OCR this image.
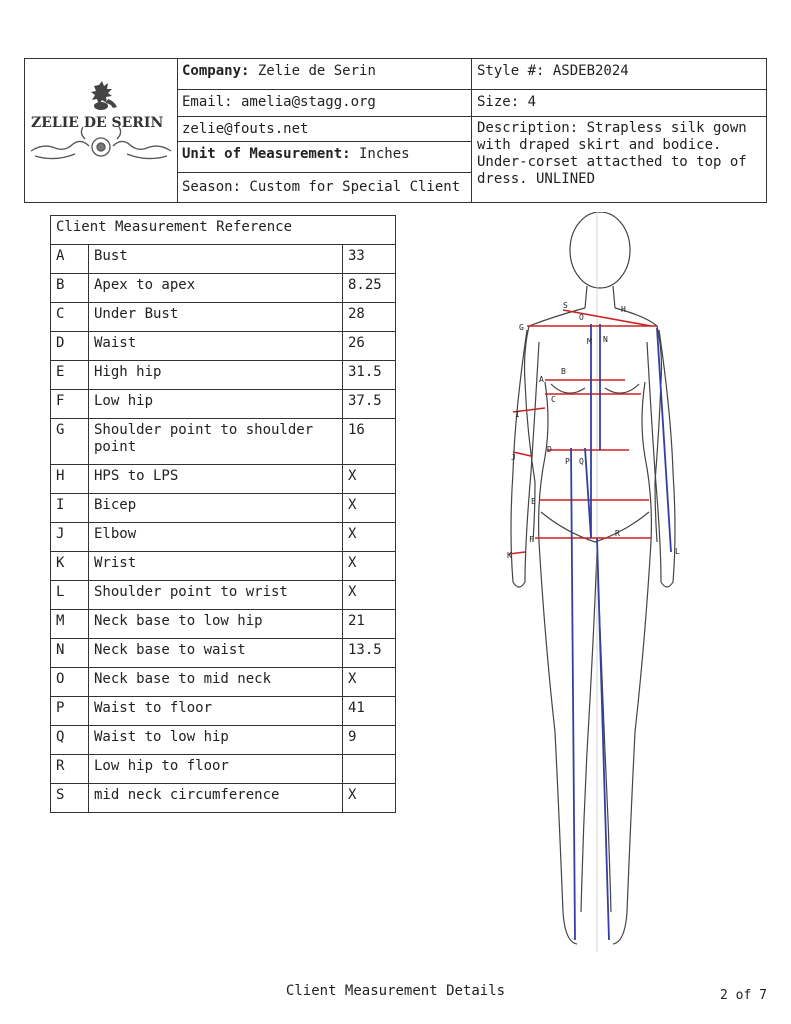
ZELIE DE SERIN
Company: Zelie de Serin
Email: amelia@stagg.org
zelie@fouts.net
Unit of Measurement: Inches
Season: Custom for Special Client
Style #: ASDEB2024
Size: 4
Description: Strapless silk gown
with draped skirt and bodice.
Under-corset attacthed to top of
dress. UNLINED
Client Measurement Reference		
A	Bust	33
B	Apex to apex	8.25
C	Under Bust	28
D	Waist	26
E	High hip	31.5
F	Low hip	37.5
G	Shoulder point to shoulder point	16
H	HPS to LPS	X
I	Bicep	X
J	Elbow	X
K	Wrist	X
L	Shoulder point to wrist	X
M	Neck base to low hip	21
N	Neck base to waist	13.5
O	Neck base to mid neck	X
P	Waist to floor	41
Q	Waist to low hip	9
R	Low hip to floor	
S	mid neck circumference	X
S	H
O
M N
G
A
B
C
I
D
P Q
J
E
F
R
K	L
Client Measurement Details	2 of 7
